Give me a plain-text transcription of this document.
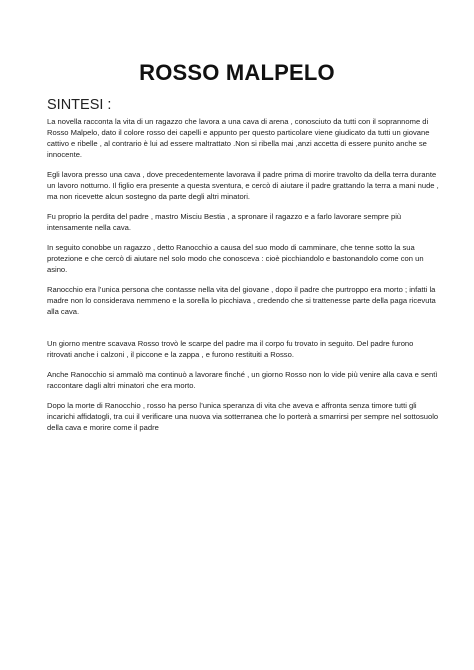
ROSSO MALPELO
SINTESI :

La novella racconta la vita di un ragazzo che lavora a una cava di arena , conosciuto da tutti con il soprannome di Rosso Malpelo, dato il colore rosso dei capelli e appunto per questo particolare viene giudicato da tutti un giovane cattivo e ribelle , al contrario è lui ad essere maltrattato .Non si ribella mai ,anzi accetta di essere punito anche se innocente.

Egli lavora presso una cava , dove precedentemente lavorava il padre prima di morire travolto da della terra durante un lavoro notturno. Il figlio era presente a questa sventura, e cercò di aiutare il padre grattando la terra a mani nude , ma non ricevette alcun sostegno da parte degli altri minatori.

Fu proprio la perdita del padre , mastro Misciu Bestia , a spronare il ragazzo e a farlo lavorare sempre più intensamente nella cava.

In seguito conobbe un ragazzo , detto Ranocchio a causa del suo modo di camminare, che tenne sotto la sua protezione e che cercò di aiutare nel solo modo che conosceva : cioè picchiandolo e bastonandolo come con un asino.

Ranocchio era l’unica persona che contasse nella vita del giovane , dopo il padre che purtroppo era morto ; infatti la madre non lo considerava nemmeno e la sorella lo picchiava , credendo che si trattenesse parte della paga ricevuta alla cava.

Un giorno mentre scavava Rosso trovò le scarpe del padre ma il corpo fu trovato in seguito. Del padre furono ritrovati anche i calzoni , il piccone e la zappa , e furono restituiti a Rosso.

Anche Ranocchio si ammalò ma continuò a lavorare finché , un giorno Rosso non lo vide più venire alla cava e sentì raccontare dagli altri minatori che era morto.

Dopo la morte di Ranocchio , rosso ha perso l’unica speranza di vita che aveva e affronta senza timore tutti gli incarichi affidatogli, tra cui il verificare una nuova via sotterranea che lo porterà a smarrirsi per sempre nel sottosuolo della cava e morire come il padre
